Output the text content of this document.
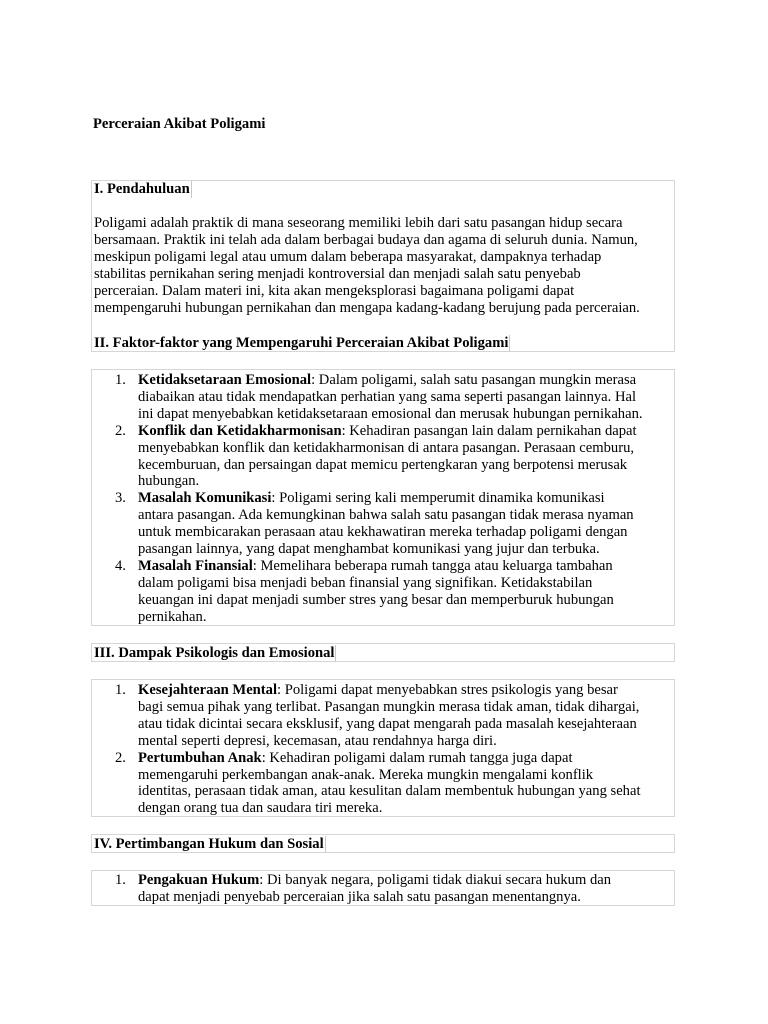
Perceraian Akibat Poligami
I. Pendahuluan
Poligami adalah praktik di mana seseorang memiliki lebih dari satu pasangan hidup secara
bersamaan. Praktik ini telah ada dalam berbagai budaya dan agama di seluruh dunia. Namun,
meskipun poligami legal atau umum dalam beberapa masyarakat, dampaknya terhadap
stabilitas pernikahan sering menjadi kontroversial dan menjadi salah satu penyebab
perceraian. Dalam materi ini, kita akan mengeksplorasi bagaimana poligami dapat
mempengaruhi hubungan pernikahan dan mengapa kadang-kadang berujung pada perceraian.
II. Faktor-faktor yang Mempengaruhi Perceraian Akibat Poligami
1. Ketidaksetaraan Emosional: Dalam poligami, salah satu pasangan mungkin merasa
diabaikan atau tidak mendapatkan perhatian yang sama seperti pasangan lainnya. Hal
ini dapat menyebabkan ketidaksetaraan emosional dan merusak hubungan pernikahan.
2. Konflik dan Ketidakharmonisan: Kehadiran pasangan lain dalam pernikahan dapat
menyebabkan konflik dan ketidakharmonisan di antara pasangan. Perasaan cemburu,
kecemburuan, dan persaingan dapat memicu pertengkaran yang berpotensi merusak
hubungan.
3. Masalah Komunikasi: Poligami sering kali memperumit dinamika komunikasi
antara pasangan. Ada kemungkinan bahwa salah satu pasangan tidak merasa nyaman
untuk membicarakan perasaan atau kekhawatiran mereka terhadap poligami dengan
pasangan lainnya, yang dapat menghambat komunikasi yang jujur dan terbuka.
4. Masalah Finansial: Memelihara beberapa rumah tangga atau keluarga tambahan
dalam poligami bisa menjadi beban finansial yang signifikan. Ketidakstabilan
keuangan ini dapat menjadi sumber stres yang besar dan memperburuk hubungan
pernikahan.
III. Dampak Psikologis dan Emosional
1. Kesejahteraan Mental: Poligami dapat menyebabkan stres psikologis yang besar
bagi semua pihak yang terlibat. Pasangan mungkin merasa tidak aman, tidak dihargai,
atau tidak dicintai secara eksklusif, yang dapat mengarah pada masalah kesejahteraan
mental seperti depresi, kecemasan, atau rendahnya harga diri.
2. Pertumbuhan Anak: Kehadiran poligami dalam rumah tangga juga dapat
memengaruhi perkembangan anak-anak. Mereka mungkin mengalami konflik
identitas, perasaan tidak aman, atau kesulitan dalam membentuk hubungan yang sehat
dengan orang tua dan saudara tiri mereka.
IV. Pertimbangan Hukum dan Sosial
1. Pengakuan Hukum: Di banyak negara, poligami tidak diakui secara hukum dan
dapat menjadi penyebab perceraian jika salah satu pasangan menentangnya.
